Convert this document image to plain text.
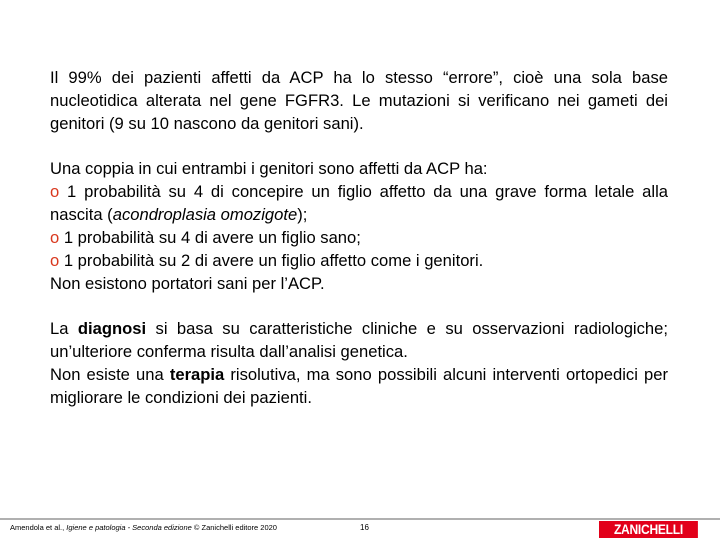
Il 99% dei pazienti affetti da ACP ha lo stesso “errore”, cioè una sola base nucleotidica alterata nel gene FGFR3. Le mutazioni si verificano nei gameti dei genitori (9 su 10 nascono da genitori sani).

Una coppia in cui entrambi i genitori sono affetti da ACP ha:
o 1 probabilità su 4 di concepire un figlio affetto da una grave forma letale alla nascita (acondroplasia omozigote);
o 1 probabilità su 4 di avere un figlio sano;
o 1 probabilità su 2 di avere un figlio affetto come i genitori.
Non esistono portatori sani per l’ACP.
La diagnosi si basa su caratteristiche cliniche e su osservazioni radiologiche; un’ulteriore conferma risulta dall’analisi genetica.
Non esiste una terapia risolutiva, ma sono possibili alcuni interventi ortopedici per migliorare le condizioni dei pazienti.
Amendola et al., Igiene e patologia - Seconda edizione © Zanichelli editore 2020	16	ZANICHELLI
